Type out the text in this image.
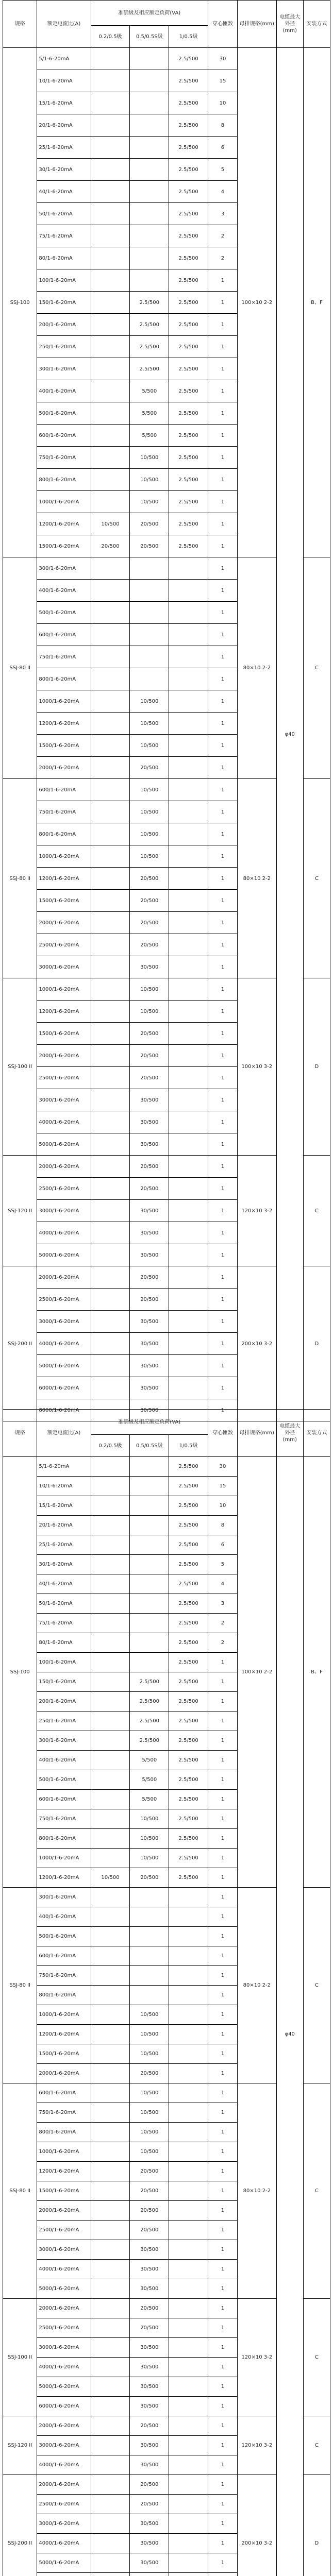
规格	额定电流比(A)	准确级及相应额定负荷(VA)			穿心匝数	母排规格(mm)	电缆最大外径(mm)	安装方式
		0.2/0.5级	0.5/0.5S级	1/0.5级				
SSJ-100	5/1-6-20mA			2.5/500	30	100×10 2-2	φ40	B、F
	10/1-6-20mA			2.5/500	15			
	15/1-6-20mA			2.5/500	10			
	20/1-6-20mA			2.5/500	8			
	25/1-6-20mA			2.5/500	6			
	30/1-6-20mA			2.5/500	5			
	40/1-6-20mA			2.5/500	4			
	50/1-6-20mA			2.5/500	3			
	75/1-6-20mA			2.5/500	2			
	80/1-6-20mA			2.5/500	2			
	100/1-6-20mA			2.5/500	1			
	150/1-6-20mA		2.5/500	2.5/500	1			
	200/1-6-20mA		2.5/500	2.5/500	1			
	250/1-6-20mA		2.5/500	2.5/500	1			
	300/1-6-20mA		2.5/500	2.5/500	1			
	400/1-6-20mA		5/500	2.5/500	1			
	500/1-6-20mA		5/500	2.5/500	1			
	600/1-6-20mA		5/500	2.5/500	1			
	750/1-6-20mA		10/500	2.5/500	1			
	800/1-6-20mA		10/500	2.5/500	1			
	1000/1-6-20mA		10/500	2.5/500	1			
	1200/1-6-20mA	10/500	20/500	2.5/500	1			
	1500/1-6-20mA	20/500	20/500	2.5/500	1			
SSJ-80 II	300/1-6-20mA				1	80×10 2-2		C
	400/1-6-20mA				1			
	500/1-6-20mA				1			
	600/1-6-20mA				1			
	750/1-6-20mA				1			
	800/1-6-20mA				1			
	1000/1-6-20mA		10/500		1			
	1200/1-6-20mA		10/500		1			
	1500/1-6-20mA		10/500		1			
	2000/1-6-20mA		20/500		1			
SSJ-80 II	600/1-6-20mA		10/500		1	80×10 2-2		C
	750/1-6-20mA		10/500		1			
	800/1-6-20mA		10/500		1			
	1000/1-6-20mA		10/500		1			
	1200/1-6-20mA		20/500		1			
	1500/1-6-20mA		20/500		1			
	2000/1-6-20mA		20/500		1			
	2500/1-6-20mA		20/500		1			
	3000/1-6-20mA		30/500		1			
SSJ-100 II	1000/1-6-20mA		10/500		1	100×10 3-2		D
	1200/1-6-20mA		10/500		1			
	1500/1-6-20mA		20/500		1			
	2000/1-6-20mA		20/500		1			
	2500/1-6-20mA		20/500		1			
	3000/1-6-20mA		30/500		1			
	4000/1-6-20mA		30/500		1			
	5000/1-6-20mA		30/500		1			
SSJ-120 II	2000/1-6-20mA		20/500		1	120×10 3-2		C
	2500/1-6-20mA		20/500		1			
	3000/1-6-20mA		30/500		1			
	4000/1-6-20mA		30/500		1			
	5000/1-6-20mA		30/500		1			
SSJ-200 II	2000/1-6-20mA		20/500		1	200×10 3-2		D
	2500/1-6-20mA		20/500		1			
	3000/1-6-20mA		30/500		1			
	4000/1-6-20mA		30/500		1			
	5000/1-6-20mA		30/500		1			
	6000/1-6-20mA		30/500		1			
	8000/1-6-20mA		30/500		1			
规格	额定电流比(A)	准确级及相应额定负荷(VA)			穿心匝数	母排规格(mm)	电缆最大外径(mm)	安装方式
		0.2/0.5级	0.5/0.5S级	1/0.5级				
SSJ-100	5/1-6-20mA			2.5/500	30	100×10 2-2	φ40	B、F
	10/1-6-20mA			2.5/500	15			
	15/1-6-20mA			2.5/500	10			
	20/1-6-20mA			2.5/500	8			
	25/1-6-20mA			2.5/500	6			
	30/1-6-20mA			2.5/500	5			
	40/1-6-20mA			2.5/500	4			
	50/1-6-20mA			2.5/500	3			
	75/1-6-20mA			2.5/500	2			
	80/1-6-20mA			2.5/500	2			
	100/1-6-20mA			2.5/500	1			
	150/1-6-20mA		2.5/500	2.5/500	1			
	200/1-6-20mA		2.5/500	2.5/500	1			
	250/1-6-20mA		2.5/500	2.5/500	1			
	300/1-6-20mA		2.5/500	2.5/500	1			
	400/1-6-20mA		5/500	2.5/500	1			
	500/1-6-20mA		5/500	2.5/500	1			
	600/1-6-20mA		5/500	2.5/500	1			
	750/1-6-20mA		10/500	2.5/500	1			
	800/1-6-20mA		10/500	2.5/500	1			
	1000/1-6-20mA		10/500	2.5/500	1			
	1200/1-6-20mA	10/500	20/500	2.5/500	1			
SSJ-80 II	300/1-6-20mA				1	80×10 2-2		C
	400/1-6-20mA				1			
	500/1-6-20mA				1			
	600/1-6-20mA				1			
	750/1-6-20mA				1			
	800/1-6-20mA				1			
	1000/1-6-20mA		10/500		1			
	1200/1-6-20mA		10/500		1			
	1500/1-6-20mA		10/500		1			
	2000/1-6-20mA		20/500		1			
SSJ-80 II	600/1-6-20mA		10/500		1	80×10 2-2		C
	750/1-6-20mA		10/500		1			
	800/1-6-20mA		10/500		1			
	1000/1-6-20mA		10/500		1			
	1200/1-6-20mA		20/500		1			
	1500/1-6-20mA		20/500		1			
	2000/1-6-20mA		20/500		1			
	2500/1-6-20mA		20/500		1			
	3000/1-6-20mA		30/500		1			
	4000/1-6-20mA		30/500		1			
	5000/1-6-20mA		30/500		1			
SSJ-100 II	2000/1-6-20mA		20/500		1	120×10 3-2		C
	2500/1-6-20mA		20/500		1			
	3000/1-6-20mA		30/500		1			
	4000/1-6-20mA		30/500		1			
	5000/1-6-20mA		30/500		1			
	6000/1-6-20mA		30/500		1			
SSJ-120 II	2000/1-6-20mA		20/500		1	120×10 3-2		C
	3000/1-6-20mA		30/500		1			
	4000/1-6-20mA		30/500		1			
SSJ-200 II	2000/1-6-20mA		20/500		1	200×10 3-2		D
	2500/1-6-20mA		20/500		1			
	3000/1-6-20mA		30/500		1			
	4000/1-6-20mA		30/500		1			
	5000/1-6-20mA		30/500		1			
